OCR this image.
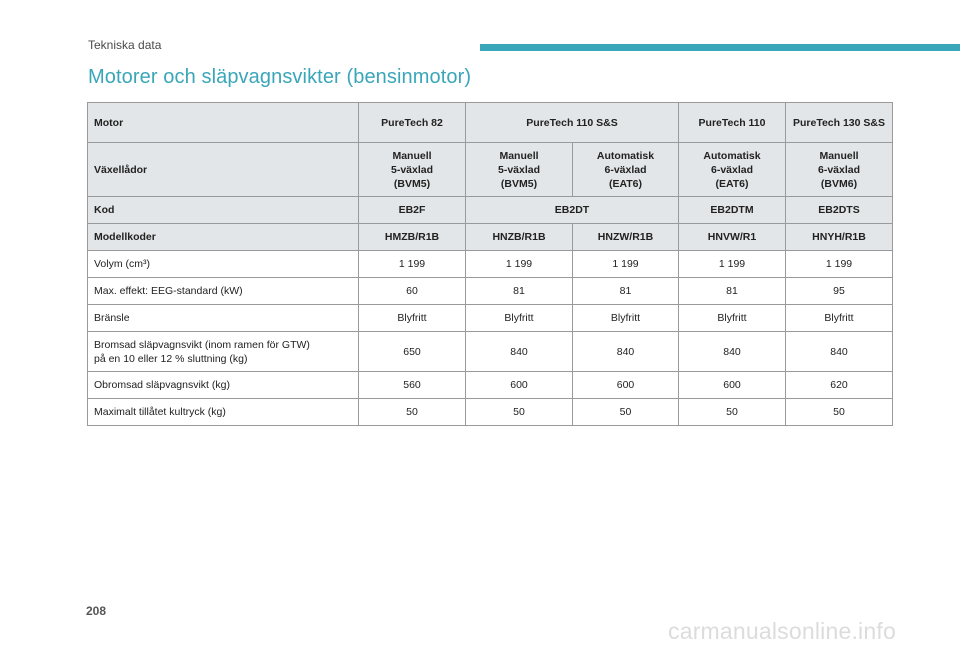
Tekniska data
Motorer och släpvagnsvikter (bensinmotor)
Motor	PureTech 82	PureTech 110 S&S		PureTech 110	PureTech 130 S&S
Växellådor	Manuell
5-växlad
(BVM5)	Manuell
5-växlad
(BVM5)	Automatisk
6-växlad
(EAT6)	Automatisk
6-växlad
(EAT6)	Manuell
6-växlad
(BVM6)
Kod	EB2F	EB2DT		EB2DTM	EB2DTS
Modellkoder	HMZB/R1B	HNZB/R1B	HNZW/R1B	HNVW/R1	HNYH/R1B
Volym (cm³)	1 199	1 199	1 199	1 199	1 199
Max. effekt: EEG-standard (kW)	60	81	81	81	95
Bränsle	Blyfritt	Blyfritt	Blyfritt	Blyfritt	Blyfritt
Bromsad släpvagnsvikt (inom ramen för GTW)
på en 10 eller 12 % sluttning (kg)	650	840	840	840	840
Obromsad släpvagnsvikt (kg)	560	600	600	600	620
Maximalt tillåtet kultryck (kg)	50	50	50	50	50
208
carmanualsonline.info
